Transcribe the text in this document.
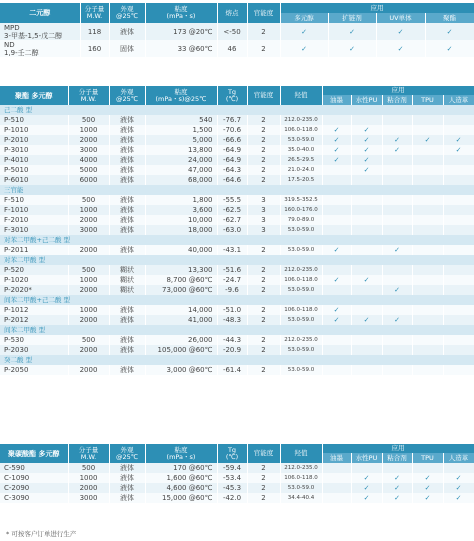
二元醇	分子量
M.W.	外观
@25℃	粘度
(mPa・s)	熔点	官能度	应用			
						多元醇	扩链剂	UV单体	聚酯
MPD
3-甲基-1,5-戊二醇	118	液体	173 @20℃	<-50	2	✓	✓	✓	✓
ND
1,9-壬二醇	160	固体	33 @60℃	46	2	✓	✓	✓	✓
聚酯 多元醇	分子量
M.W.	外观
@25℃	粘度
(mPa・s)@25℃	Tg
(℃)	官能度	羟值	应用				
							油墨	水性PU	粘合剂	TPU	人造革
己二酸 型											
P-510	500	液体	540	-76.7	2	212.0-235.0					
P-1010	1000	液体	1,500	-70.6	2	106.0-118.0	✓	✓			
P-2010	2000	液体	5,000	-66.6	2	53.0-59.0	✓	✓	✓	✓	✓
P-3010	3000	液体	13,800	-64.9	2	35.0-40.0	✓	✓	✓		✓
P-4010	4000	液体	24,000	-64.9	2	26.5-29.5	✓	✓			
P-5010	5000	液体	47,000	-64.3	2	21.0-24.0		✓			
P-6010	6000	液体	68,000	-64.6	2	17.5-20.5					
三官能											
F-510	500	液体	1,800	-55.5	3	319.5-352.5					
F-1010	1000	液体	3,600	-62.5	3	160.0-176.0					
F-2010	2000	液体	10,000	-62.7	3	79.0-89.0					
F-3010	3000	液体	18,000	-63.0	3	53.0-59.0					
对苯二甲酸+己二酸 型											
P-2011	2000	液体	40,000	-43.1	2	53.0-59.0	✓		✓		
对苯二甲酸 型											
P-520	500	糊状	13,300	-51.6	2	212.0-235.0					
P-1020	1000	糊状	8,700 @60℃	-24.7	2	106.0-118.0	✓	✓			
P-2020*	2000	糊状	73,000 @60℃	-9.6	2	53.0-59.0			✓		
间苯二甲酸+己二酸 型											
P-1012	1000	液体	14,000	-51.0	2	106.0-118.0	✓				
P-2012	2000	液体	41,000	-48.3	2	53.0-59.0	✓	✓	✓		
间苯二甲酸 型											
P-530	500	液体	26,000	-44.3	2	212.0-235.0					
P-2030	2000	液体	105,000 @60℃	-20.9	2	53.0-59.0					
癸二酸 型											
P-2050	2000	液体	3,000 @60℃	-61.4	2	53.0-59.0					
聚碳酸酯 多元醇	分子量
M.W.	外观
@25℃	粘度
(mPa・s)	Tg
(℃)	官能度	羟值	应用				
							油墨	水性PU	粘合剂	TPU	人造革
C-590	500	液体	170 @60℃	-59.4	2	212.0-235.0					
C-1090	1000	液体	1,600 @60℃	-53.4	2	106.0-118.0		✓	✓	✓	✓
C-2090	2000	液体	4,600 @60℃	-45.3	2	53.0-59.0		✓	✓	✓	✓
C-3090	3000	液体	15,000 @60℃	-42.0	2	34.4-40.4		✓	✓	✓	✓
* 可按客户订单进行生产
